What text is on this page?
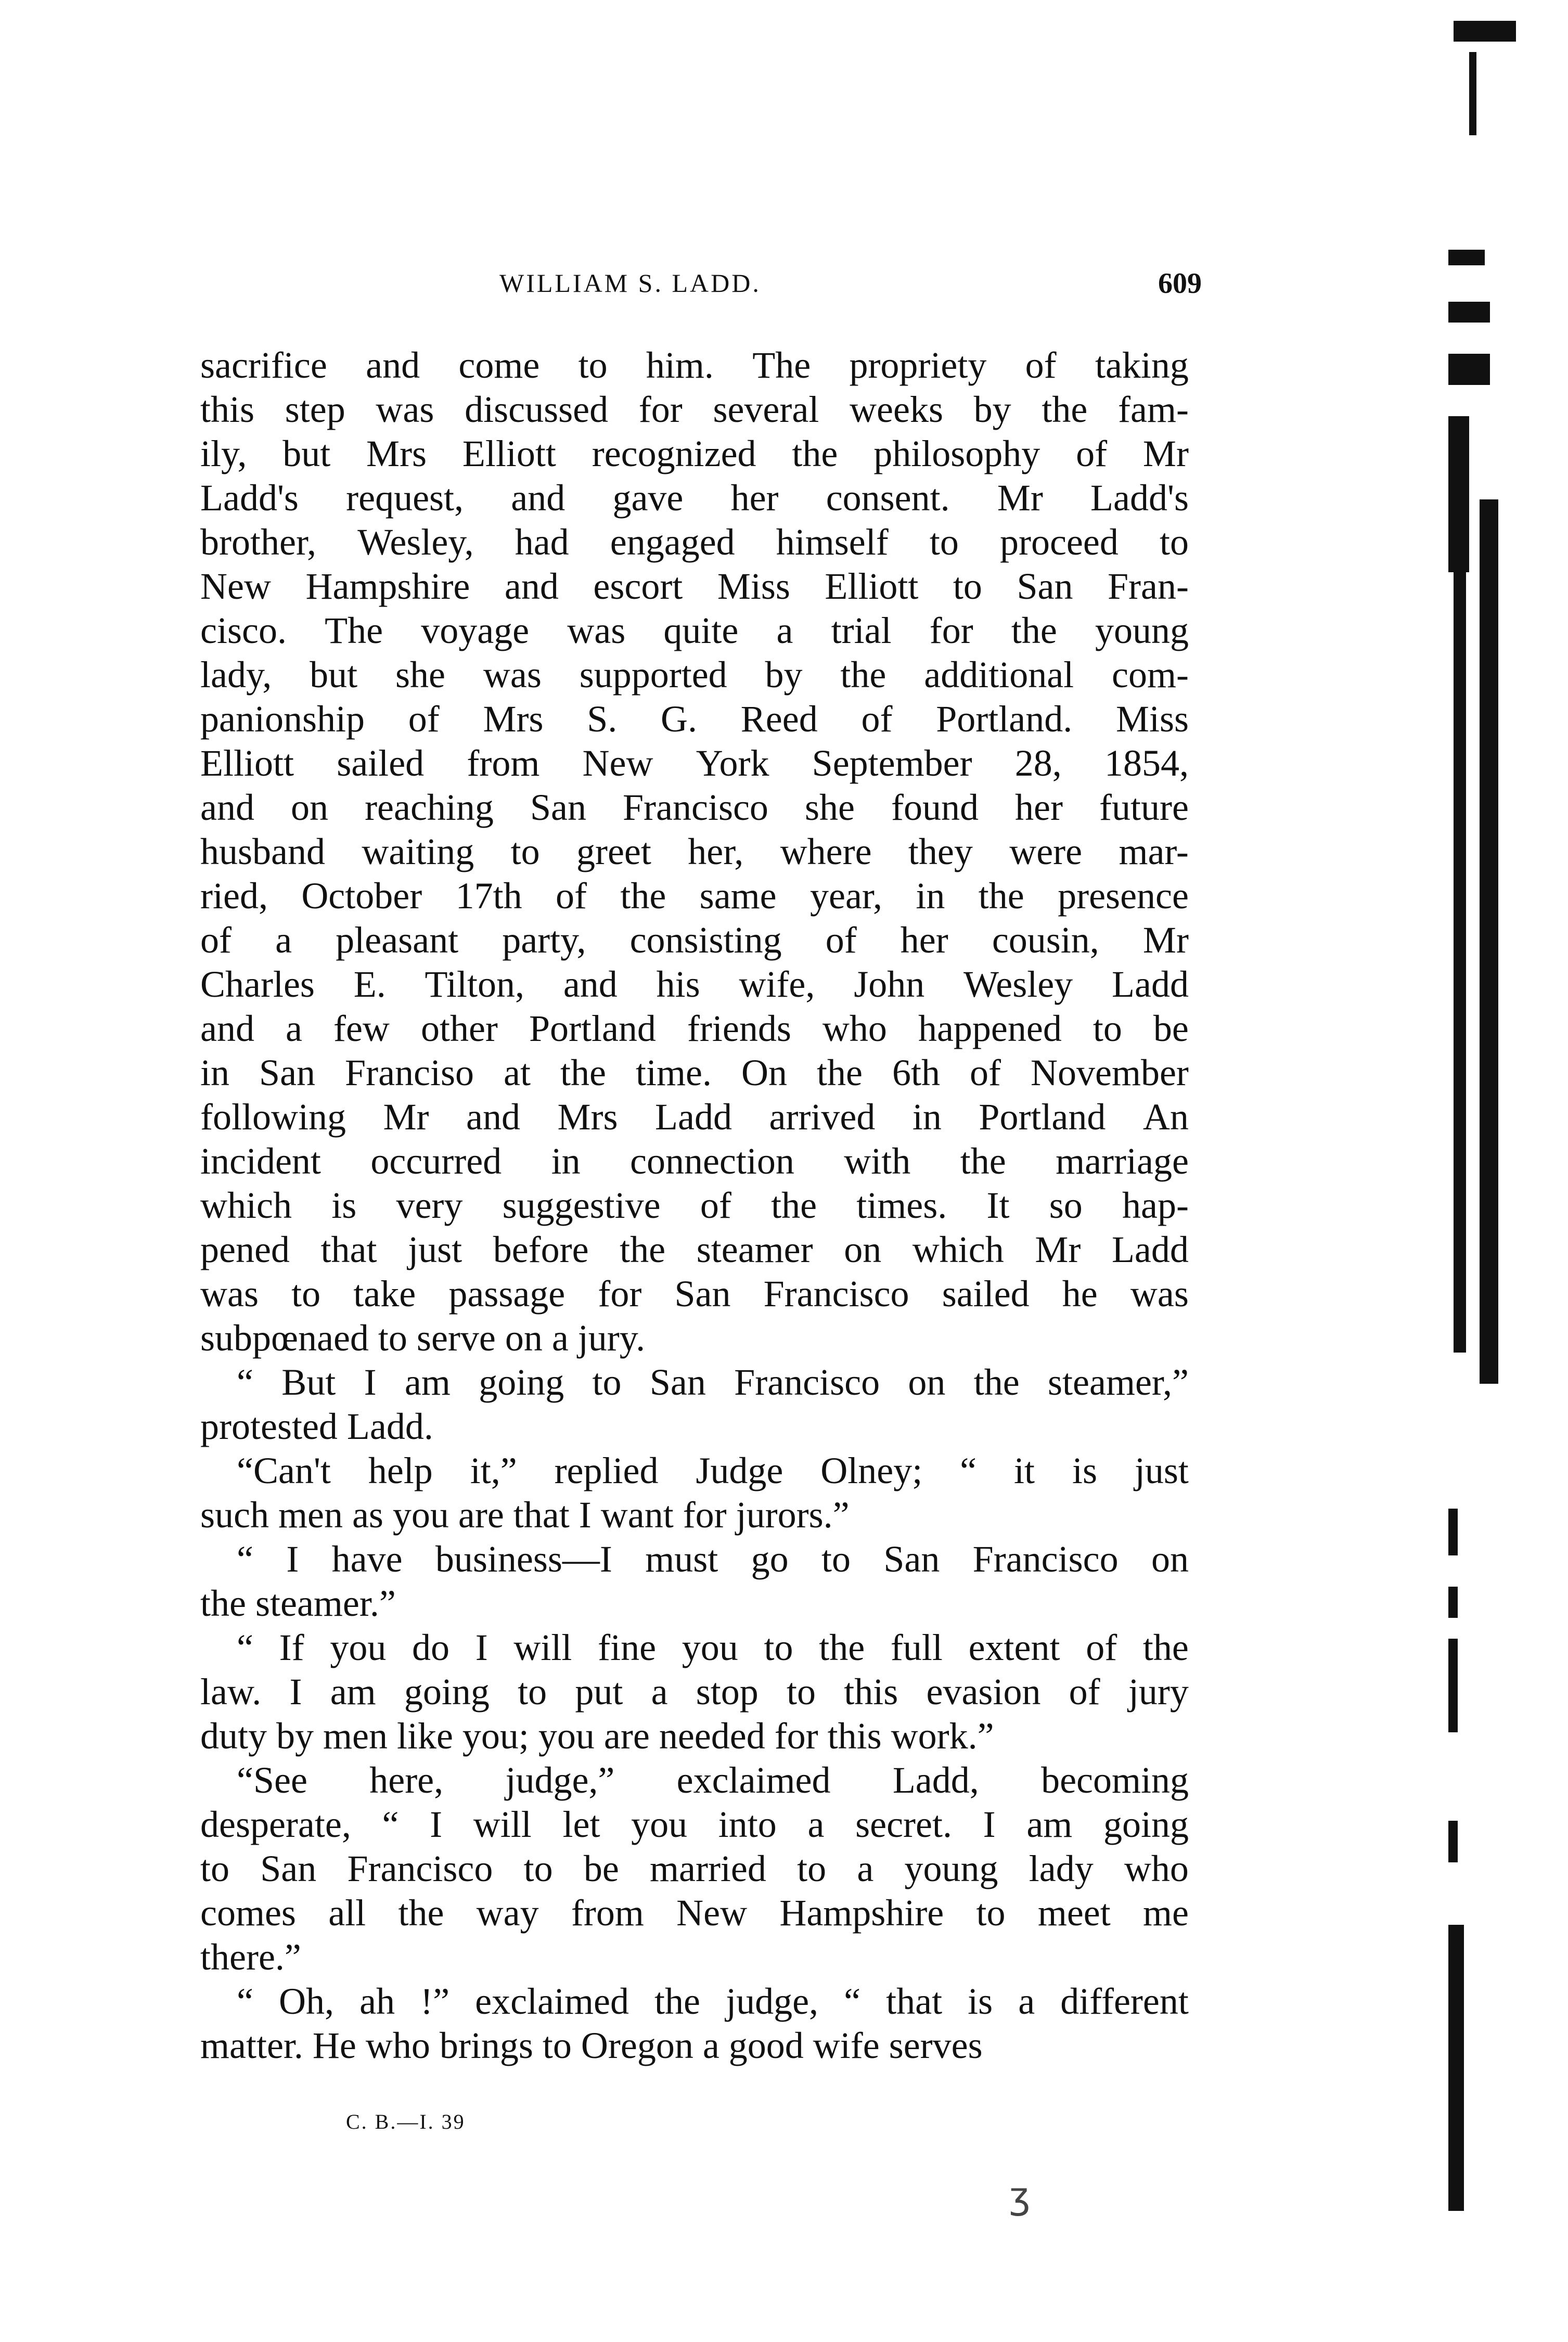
WILLIAM S. LADD.	609
sacrifice and come to him. The propriety of taking
this step was discussed for several weeks by the fam-
ily, but Mrs Elliott recognized the philosophy of Mr
Ladd's request, and gave her consent. Mr Ladd's
brother, Wesley, had engaged himself to proceed to
New Hampshire and escort Miss Elliott to San Fran-
cisco. The voyage was quite a trial for the young
lady, but she was supported by the additional com-
panionship of Mrs S. G. Reed of Portland. Miss
Elliott sailed from New York September 28, 1854,
and on reaching San Francisco she found her future
husband waiting to greet her, where they were mar-
ried, October 17th of the same year, in the presence
of a pleasant party, consisting of her cousin, Mr
Charles E. Tilton, and his wife, John Wesley Ladd
and a few other Portland friends who happened to be
in San Franciso at the time. On the 6th of November
following Mr and Mrs Ladd arrived in Portland An
incident occurred in connection with the marriage
which is very suggestive of the times. It so hap-
pened that just before the steamer on which Mr Ladd
was to take passage for San Francisco sailed he was
subpœnaed to serve on a jury.
“ But I am going to San Francisco on the steamer,”
protested Ladd.
“Can't help it,” replied Judge Olney; “ it is just
such men as you are that I want for jurors.”
“ I have business—I must go to San Francisco on
the steamer.”
“ If you do I will fine you to the full extent of the
law. I am going to put a stop to this evasion of jury
duty by men like you; you are needed for this work.”
“See here, judge,” exclaimed Ladd, becoming
desperate, “ I will let you into a secret. I am going
to San Francisco to be married to a young lady who
comes all the way from New Hampshire to meet me
there.”
“ Oh, ah !” exclaimed the judge, “ that is a different
matter. He who brings to Oregon a good wife serves
C. B.—I. 39
ʒ
